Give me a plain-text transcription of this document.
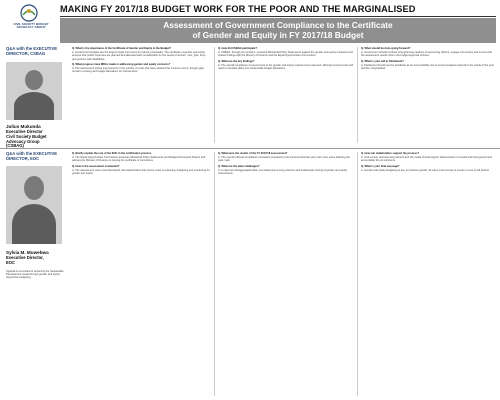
CIVIL SOCIETY BUDGET ADVOCACY GROUP
MAKING FY 2017/18 BUDGET WORK FOR THE POOR AND THE MARGINALISED
Assessment of Government Compliance to the Certificate
of Gender and Equity in FY 2017/18 Budget
Q&A with the EXECUTIVE DIRECTOR, CSBAG
Julius Mukunda
Executive Director
Civil Society Budget
Advocacy Group
(CSBAG)

Q. What is the importance of the Certificate of Gender and Equity in the Budget?

A. Government budgets are the largest single instrument for reducing inequality. The certificate of gender and equity ensures that public resources are planned and allocated with consideration for the needs of women, men, girls, boys and persons with disabilities.

Q. What progress have MDAs made in addressing gender and equity concerns?

A. The assessment shows improvement in the number of votes that have attained the minimum score, though gaps remain in costing and budget allocations for interventions.

Q. How did CSBAG participate?

A. CSBAG, through its members, reviewed Ministerial Policy Statements against the gender and equity compacts and shared findings with the Ministry of Finance and the Equal Opportunities Commission.

Q. What are the key findings?

A. The overall compliance of government to the gender and equity requirements improved, although several votes still need to translate plans into measurable budget allocations.

Q. What should be done going forward?

A. Government should continue strengthening capacity of accounting officers, engage civil society and ensure that the assessment results inform the budget approval process.

Q. What is your call to Parliament?

A. Parliament should use the certificate as an accountability tool to ensure budgets respond to the needs of the poor and the marginalised.

Q&A with the EXECUTIVE DIRECTOR, EOC
Sylvia M. Muwebwa
Executive Director,
EOC
Uganda is committed to achieving the Sustainable Development Goals through gender and equity responsive budgeting.

Q. Briefly explain the role of the EOC in the certification process.

A. The Equal Opportunities Commission assesses Ministerial Policy Statements and Budget Framework Papers and advises the Minister of Finance on issuing the certificate of compliance.

Q. How is the assessment conducted?

A. The assessment uses a tool developed with stakeholders that scores votes on planning, budgeting and monitoring for gender and equity.

Q. What were the results of the FY 2017/18 assessment?

A. The overall national compliance increased compared to the previous financial year, with more votes attaining the pass mark.

Q. What are the main challenges?

A. Limited sex-disaggregated data, low awareness among planners and inadequate costing of gender and equity interventions.

Q. How can stakeholders support the process?

A. Civil society, development partners and the media should support dissemination of results and hold government accountable for commitments.

Q. What is your final message?

A. Gender and equity budgeting is key to inclusive growth; all votes must comply to ensure no one is left behind.
